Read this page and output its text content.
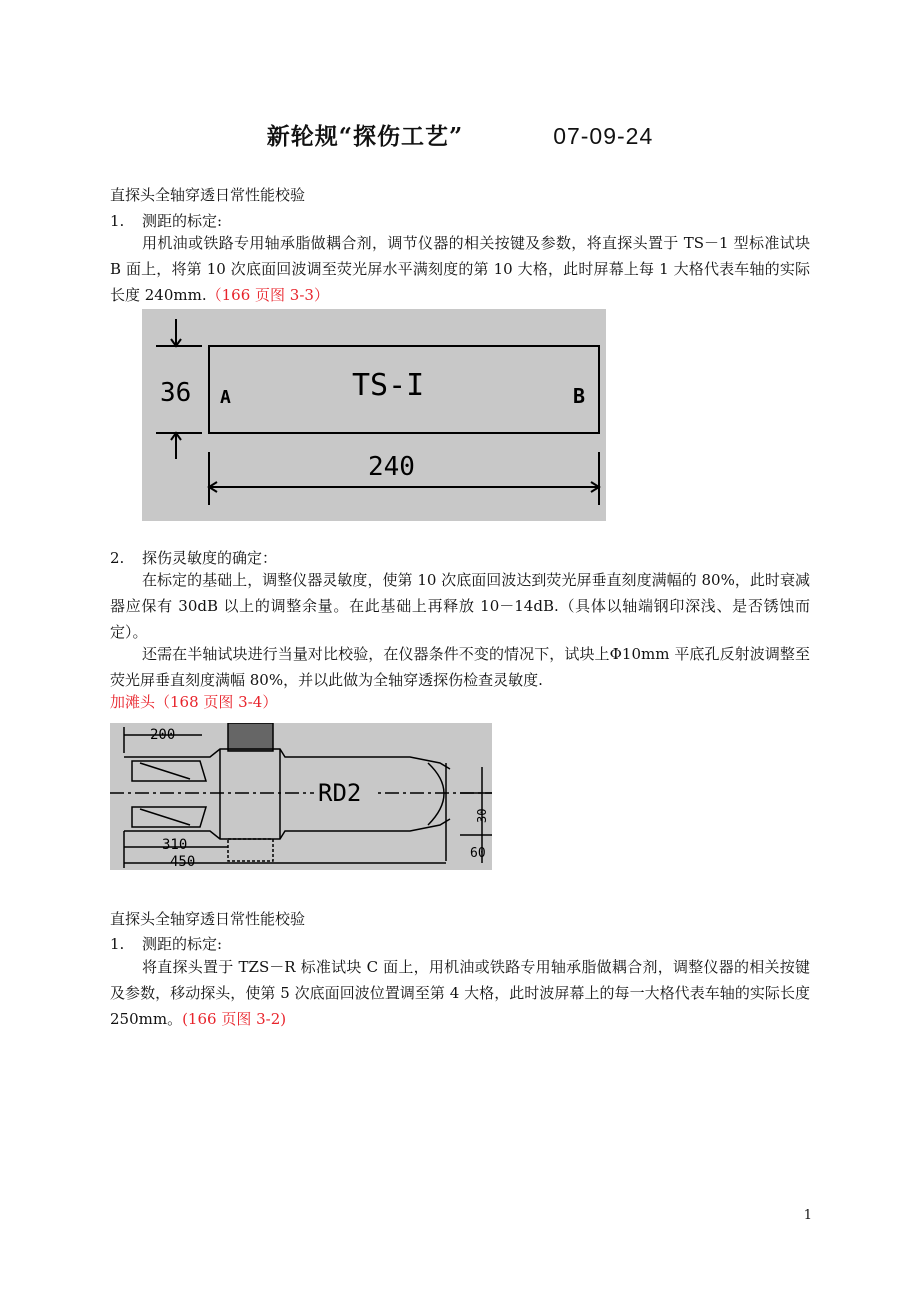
新轮规“探伤工艺”	07-09-24
直探头全轴穿透日常性能校验
1. 测距的标定:
用机油或铁路专用轴承脂做耦合剂，调节仪器的相关按键及参数，将直探头置于 TS－1 型标准试块 B 面上，将第 10 次底面回波调至荧光屏水平满刻度的第 10 大格，此时屏幕上每 1 大格代表车轴的实际长度 240mm.（166 页图 3-3）
36 A	TS-I	B
240
2. 探伤灵敏度的确定：
在标定的基础上，调整仪器灵敏度，使第 10 次底面回波达到荧光屏垂直刻度满幅的 80%，此时衰减器应保有 30dB 以上的调整余量。在此基础上再释放 10－14dB.（具体以轴端钢印深浅、是否锈蚀而定）。
还需在半轴试块进行当量对比校验，在仪器条件不变的情况下，试块上Φ10mm 平底孔反射波调整至荧光屏垂直刻度满幅 80%，并以此做为全轴穿透探伤检查灵敏度.
加滩头（168 页图 3-4）
200
RD2
310
450
30
60
直探头全轴穿透日常性能校验
1. 测距的标定:
将直探头置于 TZS－R 标准试块 C 面上，用机油或铁路专用轴承脂做耦合剂，调整仪器的相关按键及参数，移动探头，使第 5 次底面回波位置调至第 4 大格，此时波屏幕上的每一大格代表车轴的实际长度 250mm。(166 页图 3-2)
1
